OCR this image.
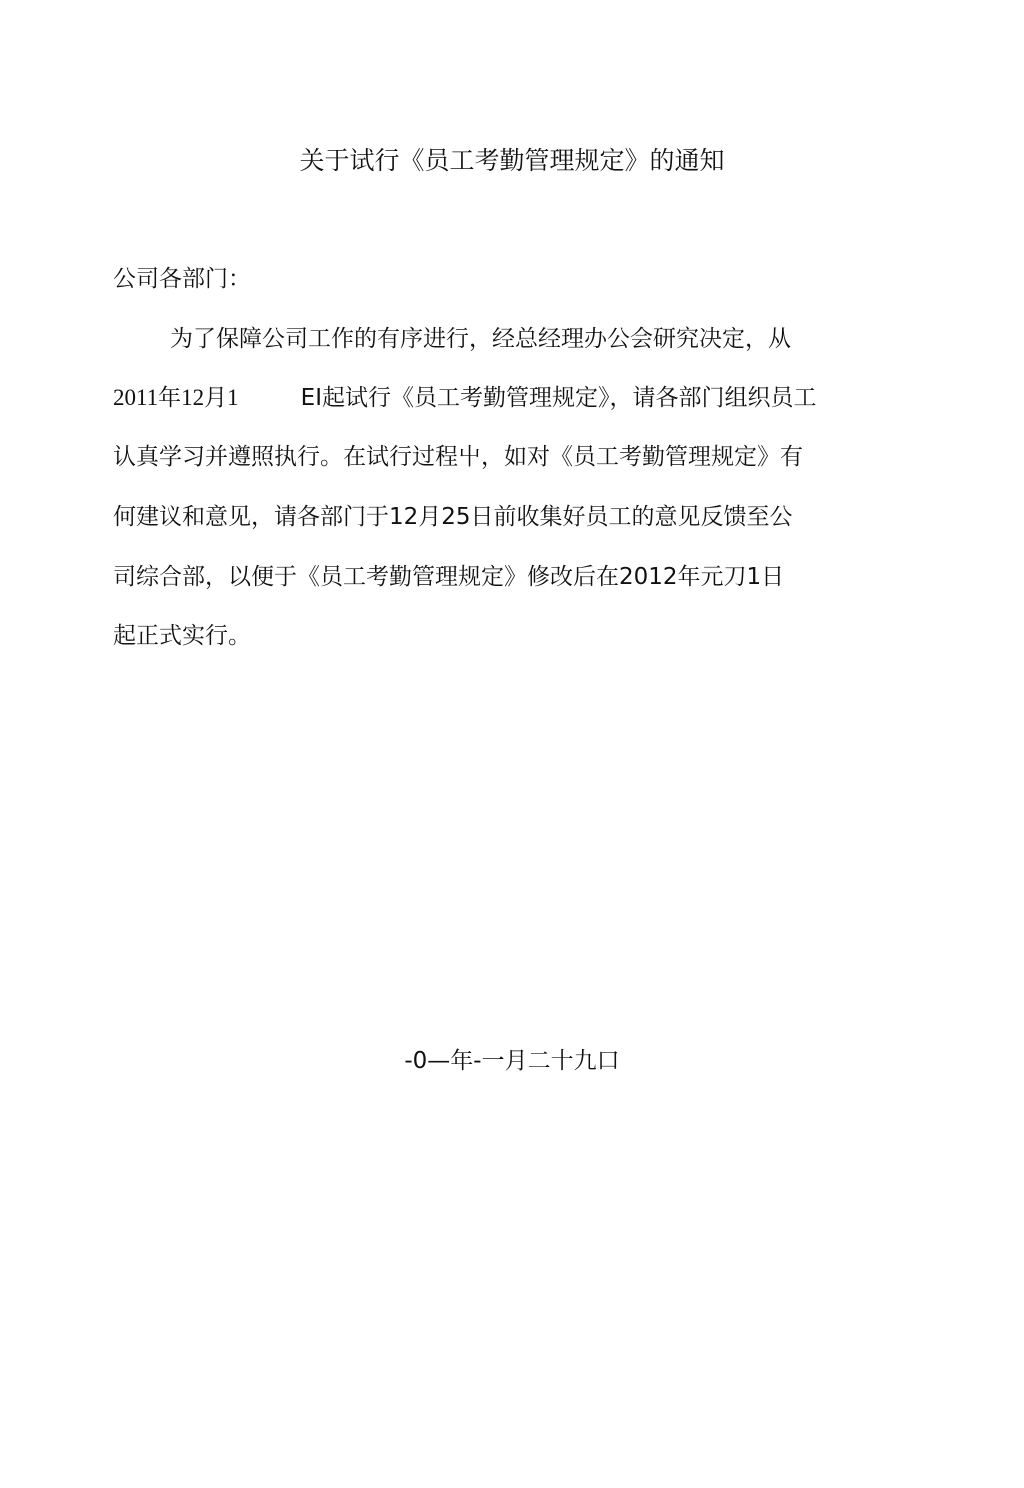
关于试行《员工考勤管理规定》的通知
公司各部门：
为了保障公司工作的有序进行，经总经理办公会研究决定，从
2011年12月1	EI起试行《员工考勤管理规定》，请各部门组织员工
认真学习并遵照执行。在试行过程屮，如对《员工考勤管理规定》有
何建议和意见，请各部门于12月25日前收集好员工的意见反馈至公
司综合部，以便于《员工考勤管理规定》修改后在2012年元刀1日
起正式实行。
-0—年-一月二十九口
